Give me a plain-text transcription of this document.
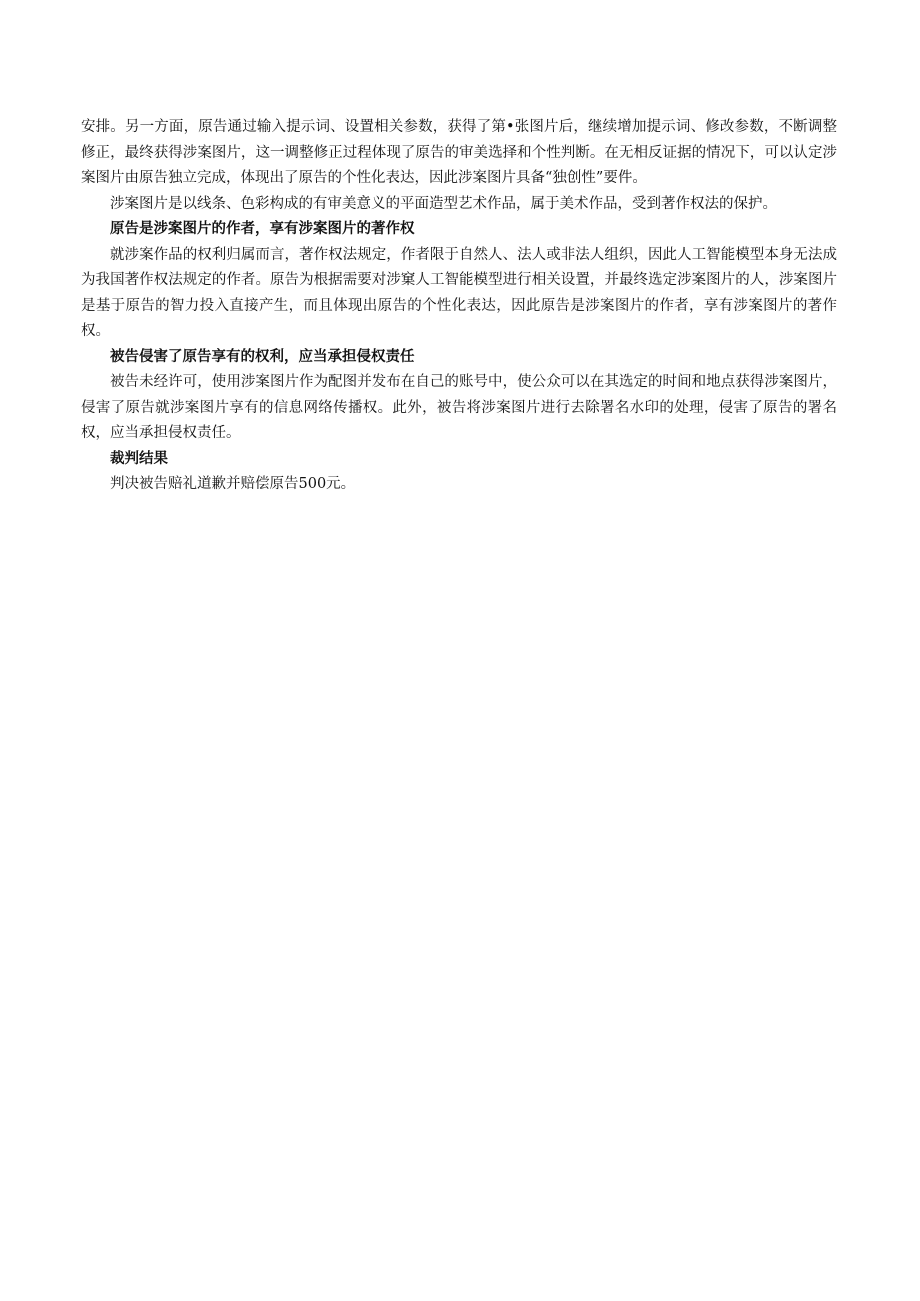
安排。另一方面，原告通过输入提示词、设置相关参数，获得了第•张图片后，继续增加提示词、修改参数，不断调整修正，最终获得涉案图片，这一调整修正过程体现了原告的审美选择和个性判断。在无相反证据的情况下，可以认定涉案图片由原告独立完成，体现出了原告的个性化表达，因此涉案图片具备“独创性”要件。

涉案图片是以线条、色彩构成的有审美意义的平面造型艺术作品，属于美术作品，受到著作权法的保护。

原告是涉案图片的作者，享有涉案图片的著作权

就涉案作品的权利归属而言，著作权法规定，作者限于自然人、法人或非法人组织，因此人工智能模型本身无法成为我国著作权法规定的作者。原告为根据需要对涉窠人工智能模型进行相关设置，并最终选定涉案图片的人，涉案图片是基于原告的智力投入直接产生，而且体现出原告的个性化表达，因此原告是涉案图片的作者，享有涉案图片的著作权。

被告侵害了原告享有的权利，应当承担侵权责任

被告未经许可，使用涉案图片作为配图并发布在自己的账号中，使公众可以在其选定的时间和地点获得涉案图片，侵害了原告就涉案图片享有的信息网络传播权。此外，被告将涉案图片进行去除署名水印的处理，侵害了原告的署名权，应当承担侵权责任。

裁判结果

判决被告赔礼道歉并赔偿原告500元。
